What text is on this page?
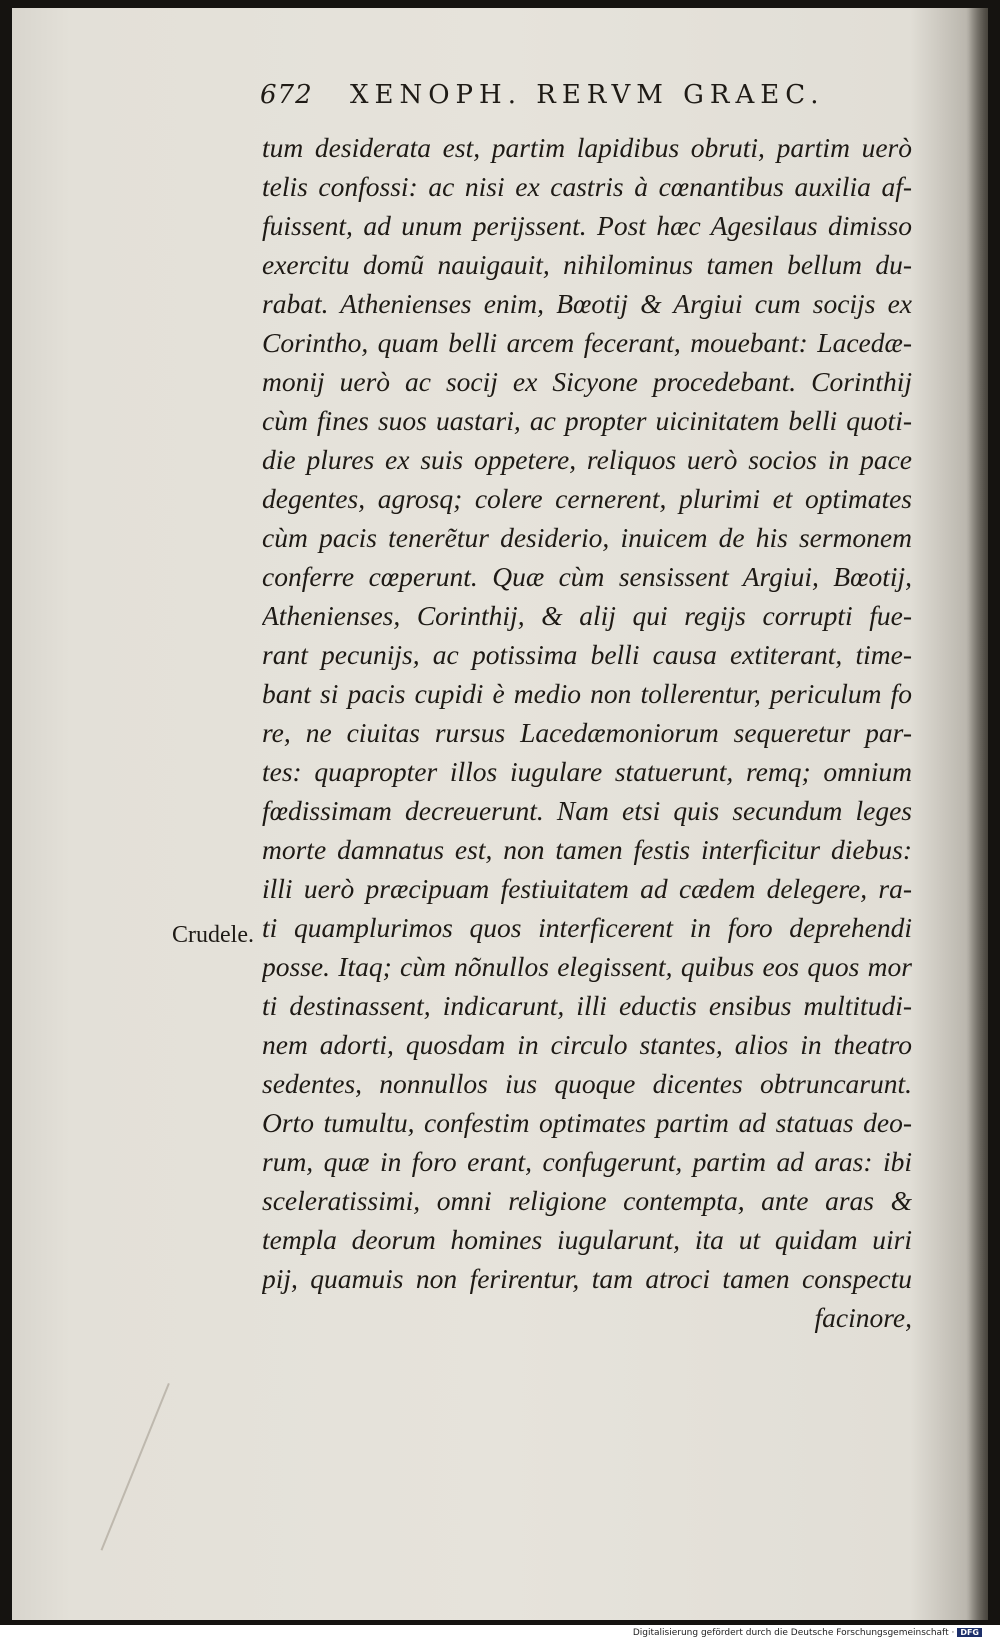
672 XENOPH. RERVM GRAEC.
Crudele.
tum desiderata est, partim lapidibus obruti, partim uerò
telis confossi: ac nisi ex castris à cœnantibus auxilia af-
fuissent, ad unum perijssent. Post hæc Agesilaus dimisso
exercitu domũ nauigauit, nihilominus tamen bellum du-
rabat. Athenienses enim, Bœotij & Argiui cum socijs ex
Corintho, quam belli arcem fecerant, mouebant: Lacedæ-
monij uerò ac socij ex Sicyone procedebant. Corinthij
cùm fines suos uastari, ac propter uicinitatem belli quoti-
die plures ex suis oppetere, reliquos uerò socios in pace
degentes, agrosq; colere cernerent, plurimi et optimates
cùm pacis tenerẽtur desiderio, inuicem de his sermonem
conferre cœperunt. Quæ cùm sensissent Argiui, Bœotij,
Athenienses, Corinthij, & alij qui regijs corrupti fue-
rant pecunijs, ac potissima belli causa extiterant, time-
bant si pacis cupidi è medio non tollerentur, periculum fo
re, ne ciuitas rursus Lacedæmoniorum sequeretur par-
tes: quapropter illos iugulare statuerunt, remq; omnium
fœdissimam decreuerunt. Nam etsi quis secundum leges
morte damnatus est, non tamen festis interficitur diebus:
illi uerò præcipuam festiuitatem ad cædem delegere, ra-
ti quamplurimos quos interficerent in foro deprehendi
posse. Itaq; cùm nõnullos elegissent, quibus eos quos mor
ti destinassent, indicarunt, illi eductis ensibus multitudi-
nem adorti, quosdam in circulo stantes, alios in theatro
sedentes, nonnullos ius quoque dicentes obtruncarunt.
Orto tumultu, confestim optimates partim ad statuas deo-
rum, quæ in foro erant, confugerunt, partim ad aras: ibi
sceleratissimi, omni religione contempta, ante aras &
templa deorum homines iugularunt, ita ut quidam uiri
pij, quamuis non ferirentur, tam atroci tamen conspectu
facinore,
Digitalisierung gefördert durch die Deutsche Forschungsgemeinschaft · DFG
